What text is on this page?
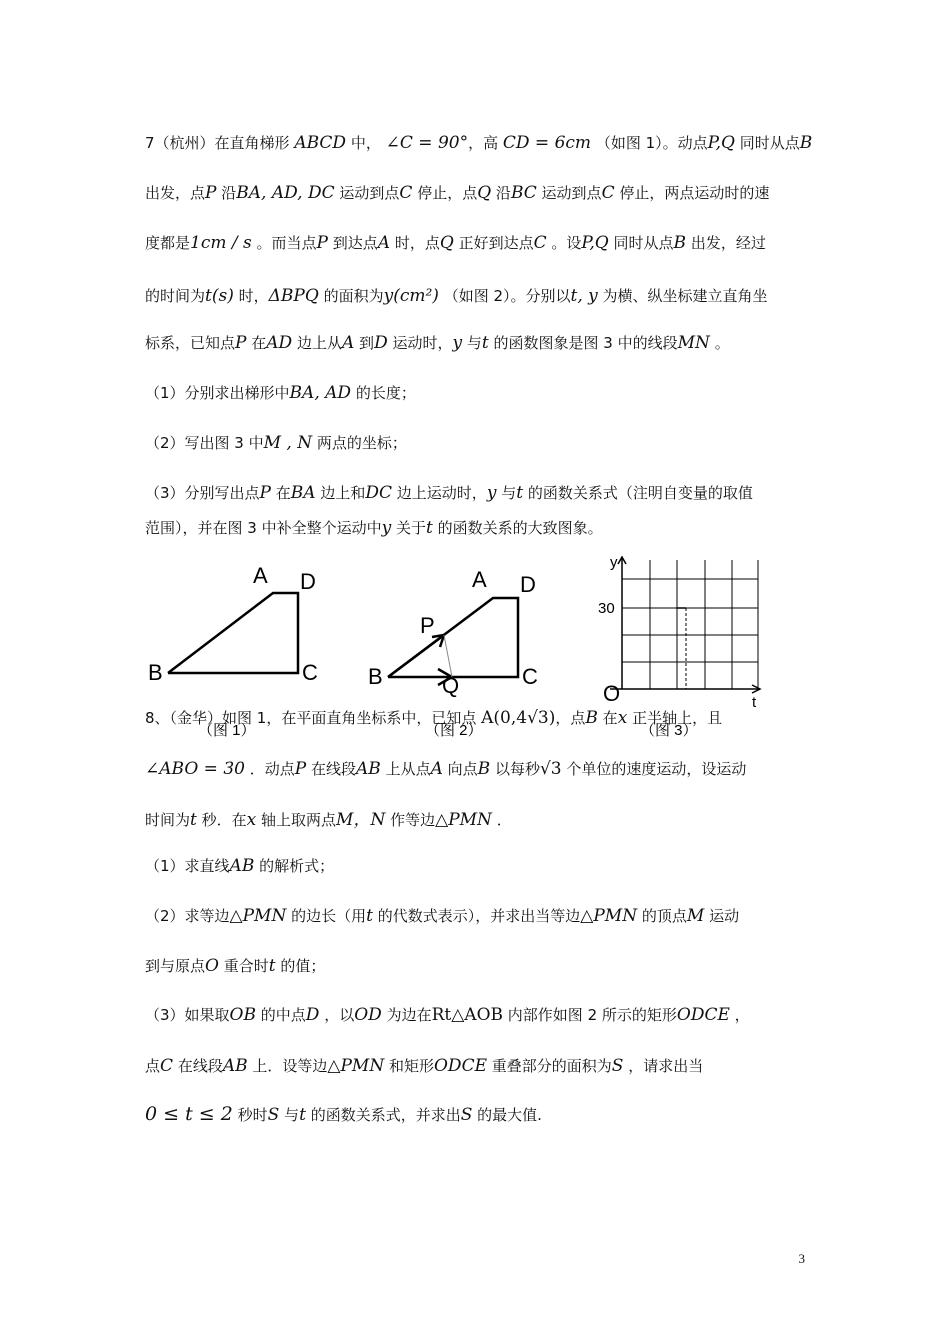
7（杭州）在直角梯形 ABCD 中， ∠C = 90°，高 CD = 6cm （如图 1）。动点P,Q 同时从点B
出发，点P 沿BA, AD, DC 运动到点C 停止，点Q 沿BC 运动到点C 停止，两点运动时的速
度都是1cm / s 。而当点P 到达点A 时，点Q 正好到达点C 。设P,Q 同时从点B 出发，经过
的时间为t(s) 时，ΔBPQ 的面积为y(cm²) （如图 2）。分别以t, y 为横、纵坐标建立直角坐
标系，已知点P 在AD 边上从A 到D 运动时，y 与t 的函数图象是图 3 中的线段MN 。
（1）分别求出梯形中BA, AD 的长度；
（2）写出图 3 中M , N 两点的坐标；
（3）分别写出点P 在BA 边上和DC 边上运动时，y 与t 的函数关系式（注明自变量的取值
范围），并在图 3 中补全整个运动中y 关于t 的函数关系的大致图象。
A D
B	C
（图 1）
A D
B	C
P
Q
（图 2）
y
t
O
30
（图 3）
8、（金华）如图 1，在平面直角坐标系中，已知点 A(0,4√3)，点B 在x 正半轴上，且
∠ABO = 30 ．动点P 在线段AB 上从点A 向点B 以每秒√3 个单位的速度运动，设运动
时间为t 秒．在x 轴上取两点M，N 作等边△PMN ．
（1）求直线AB 的解析式；
（2）求等边△PMN 的边长（用t 的代数式表示），并求出当等边△PMN 的顶点M 运动
到与原点O 重合时t 的值；
（3）如果取OB 的中点D ，以OD 为边在Rt△AOB 内部作如图 2 所示的矩形ODCE ，
点C 在线段AB 上．设等边△PMN 和矩形ODCE 重叠部分的面积为S ，请求出当
0 ≤ t ≤ 2 秒时S 与t 的函数关系式，并求出S 的最大值.
3
